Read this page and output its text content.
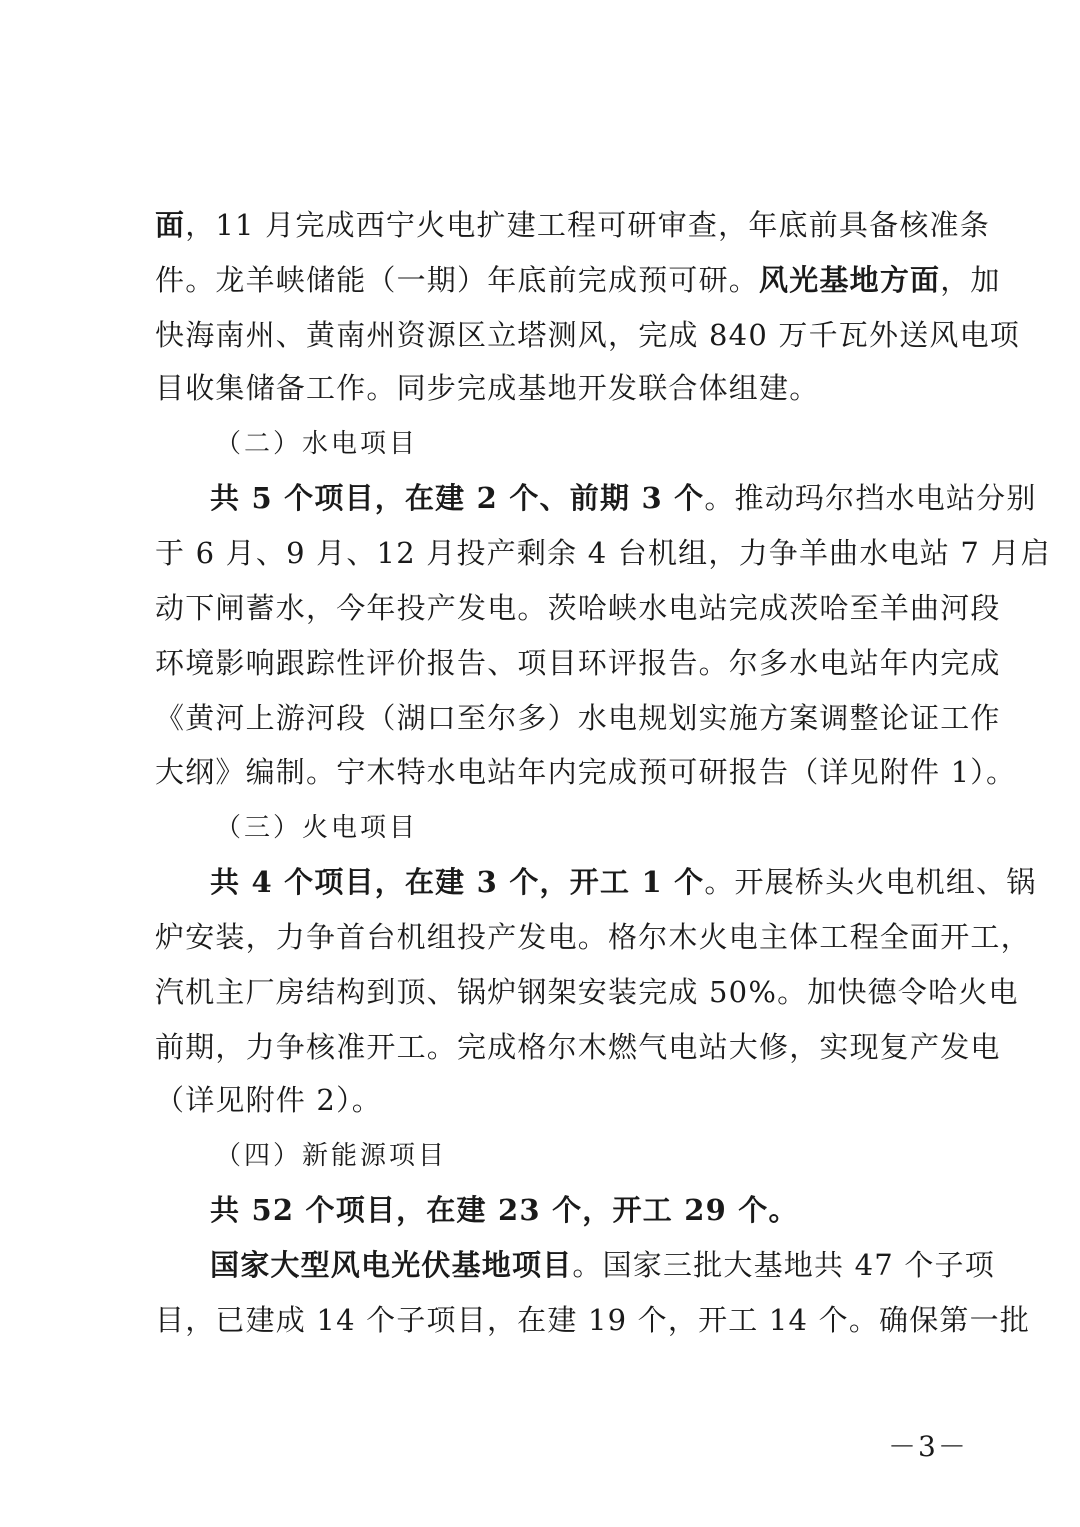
面，11 月完成西宁火电扩建工程可研审查，年底前具备核准条
件。龙羊峡储能（一期）年底前完成预可研。风光基地方面，加
快海南州、黄南州资源区立塔测风，完成 840 万千瓦外送风电项
目收集储备工作。同步完成基地开发联合体组建。
（二）水电项目
共 5 个项目，在建 2 个、前期 3 个。推动玛尔挡水电站分别
于 6 月、9 月、12 月投产剩余 4 台机组，力争羊曲水电站 7 月启
动下闸蓄水，今年投产发电。茨哈峡水电站完成茨哈至羊曲河段
环境影响跟踪性评价报告、项目环评报告。尔多水电站年内完成
《黄河上游河段（湖口至尔多）水电规划实施方案调整论证工作
大纲》编制。宁木特水电站年内完成预可研报告（详见附件 1）。
（三）火电项目
共 4 个项目，在建 3 个，开工 1 个。开展桥头火电机组、锅
炉安装，力争首台机组投产发电。格尔木火电主体工程全面开工，
汽机主厂房结构到顶、锅炉钢架安装完成 50%。加快德令哈火电
前期，力争核准开工。完成格尔木燃气电站大修，实现复产发电
（详见附件 2）。
（四）新能源项目
共 52 个项目，在建 23 个，开工 29 个。
国家大型风电光伏基地项目。国家三批大基地共 47 个子项
目，已建成 14 个子项目，在建 19 个，开工 14 个。确保第一批
－3－
